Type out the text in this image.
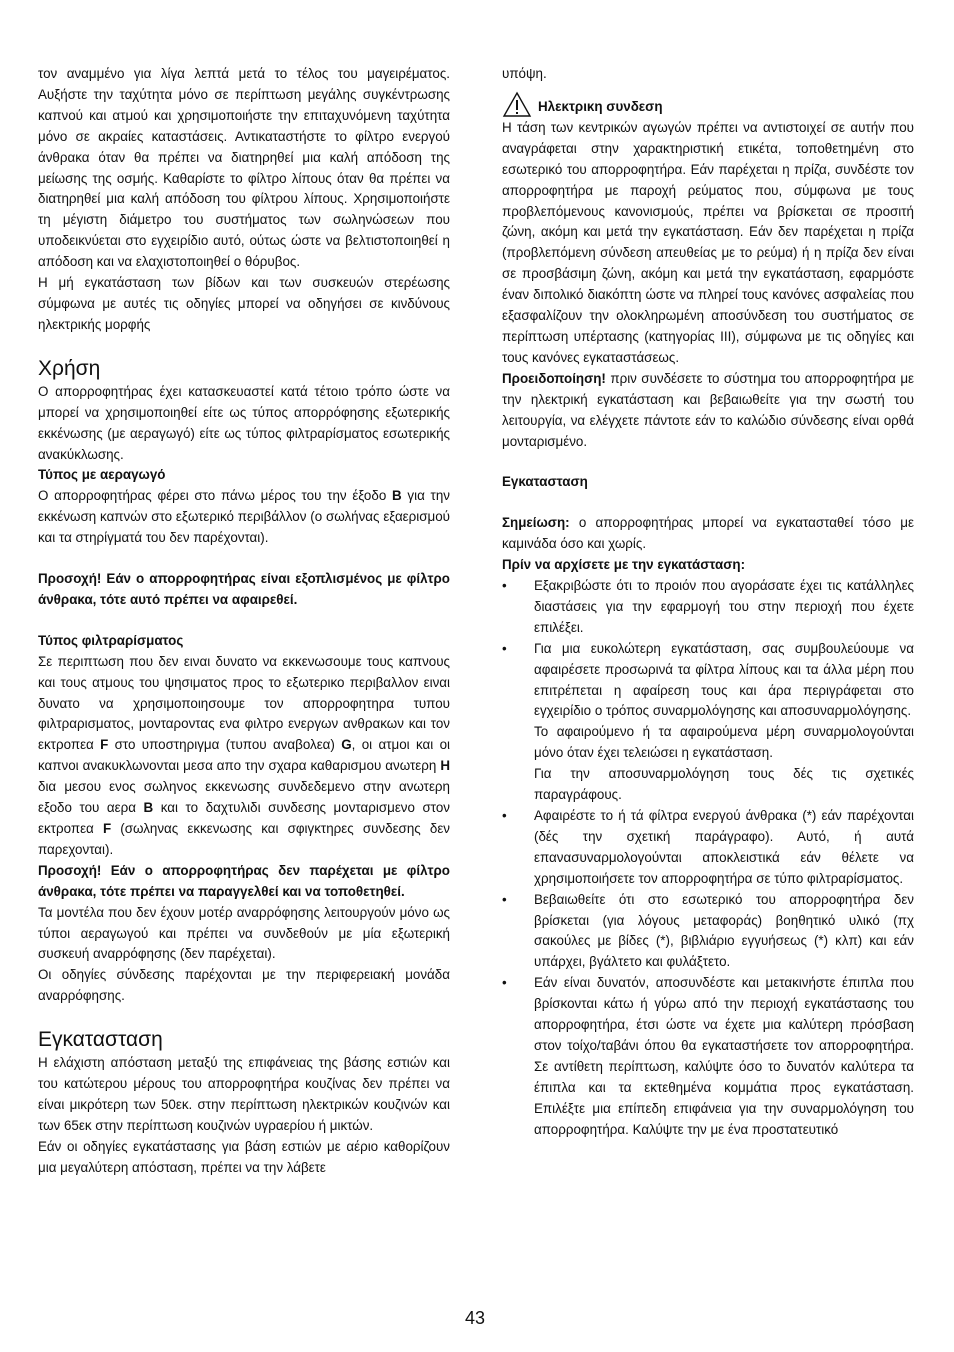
τον αναμμένο για λίγα λεπτά μετά το τέλος του μαγειρέματος. Αυξήστε την ταχύτητα μόνο σε περίπτωση μεγάλης συγκέντρωσης καπνού και ατμού και χρησιμοποιήστε την επιταχυνόμενη ταχύτητα μόνο σε ακραίες καταστάσεις. Αντικαταστήστε το φίλτρο ενεργού άνθρακα όταν θα πρέπει να διατηρηθεί μια καλή απόδοση της μείωσης της οσμής. Καθαρίστε το φίλτρο λίπους όταν θα πρέπει να διατηρηθεί μια καλή απόδοση του φίλτρου λίπους. Χρησιμοποιήστε τη μέγιστη διάμετρο του συστήματος των σωληνώσεων που υποδεικνύεται στο εγχειρίδιο αυτό, ούτως ώστε να βελτιστοποιηθεί η απόδοση και να ελαχιστοποιηθεί ο θόρυβος.

Η μή εγκατάσταση των βίδων και των συσκευών στερέωσης σύμφωνα με αυτές τις οδηγίες μπορεί να οδηγήσει σε κινδύνους ηλεκτρικής μορφής

Χρήση

Ο απορροφητήρας έχει κατασκευαστεί κατά τέτοιο τρόπο ώστε να μπορεί να χρησιμοποιηθεί είτε ως τύπος απορρόφησης εξωτερικής εκκένωσης (με αεραγωγό) είτε ως τύπος φιλτραρίσματος εσωτερικής ανακύκλωσης.

Τύπος με αεραγωγό

Ο απορροφητήρας φέρει στο πάνω μέρος του την έξοδο B για την εκκένωση καπνών στο εξωτερικό περιβάλλον (ο σωλήνας εξαερισμού και τα στηρίγματά του δεν παρέχονται).

Προσοχή! Εάν ο απορροφητήρας είναι εξοπλισμένος με φίλτρο άνθρακα, τότε αυτό πρέπει να αφαιρεθεί.

Τύπος φιλτραρίσματος

Σε περιπτωση που δεν ειναι δυνατο να εκκενωσουμε τους καπνους και τους ατμους του ψησιματος προς το εξωτερικο περιβαλλον ειναι δυνατο να χρησιμοποιησουμε τον απορροφητηρα τυπου φιλτραρισματος, μονταροντας ενα φιλτρο ενεργων ανθρακων και τον εκτροπεα F στο υποστηριγμα (τυπου αναβολεα) G, οι ατμοι και οι καπνοι ανακυκλωνονται μεσα απο την σχαρα καθαρισμου ανωτερη H δια μεσου ενος σωληνος εκκενωσης συνδεδεμενο στην ανωτερη εξοδο του αερα B και το δαχτυλιδι συνδεσης μονταρισμενο στον εκτροπεα F (σωληνας εκκενωσης και σφιγκτηρες συνδεσης δεν παρεχονται).

Προσοχή! Εάν ο απορροφητήρας δεν παρέχεται με φίλτρο άνθρακα, τότε πρέπει να παραγγελθεί και να τοποθετηθεί.

Τα μοντέλα που δεν έχουν μοτέρ αναρρόφησης λειτουργούν μόνο ως τύποι αεραγωγού και πρέπει να συνδεθούν με μία εξωτερική συσκευή αναρρόφησης (δεν παρέχεται).

Οι οδηγίες σύνδεσης παρέχονται με την περιφερειακή μονάδα αναρρόφησης.

Εγκατασταση

Η ελάχιστη απόσταση μεταξύ της επιφάνειας της βάσης εστιών και του κατώτερου μέρους του απορροφητήρα κουζίνας δεν πρέπει να είναι μικρότερη των 50εκ. στην περίπτωση ηλεκτρικών κουζινών και των 65εκ στην περίπτωση κουζινών υγραερίου ή μικτών.

Εάν οι οδηγίες εγκατάστασης για βάση εστιών με αέριο καθορίζουν μια μεγαλύτερη απόσταση, πρέπει να την λάβετε

υπόψη.

Ηλεκτρικη συνδεση

Η τάση των κεντρικών αγωγών πρέπει να αντιστοιχεί σε αυτήν που αναγράφεται στην χαρακτηριστική ετικέτα, τοποθετημένη στο εσωτερικό του απορροφητήρα. Εάν παρέχεται η πρίζα, συνδέστε τον απορροφητήρα με παροχή ρεύματος που, σύμφωνα με τους προβλεπόμενους κανονισμούς, πρέπει να βρίσκεται σε προσιτή ζώνη, ακόμη και μετά την εγκατάσταση. Εάν δεν παρέχεται η πρίζα (προβλεπόμενη σύνδεση απευθείας με το ρεύμα) ή η πρίζα δεν είναι σε προσβάσιμη ζώνη, ακόμη και μετά την εγκατάσταση, εφαρμόστε έναν διπολικό διακόπτη ώστε να πληρεί τους κανόνες ασφαλείας που εξασφαλίζουν την ολοκληρωμένη αποσύνδεση του συστήματος σε περίπτωση υπέρτασης (κατηγορίας III), σύμφωνα με τις οδηγίες και τους κανόνες εγκαταστάσεως.

Προειδοποίηση! πριν συνδέσετε το σύστημα του απορροφητήρα με την ηλεκτρική εγκατάσταση και βεβαιωθείτε για την σωστή του λειτουργία, να ελέγχετε πάντοτε εάν το καλώδιο σύνδεσης είναι ορθά μονταρισμένο.

Εγκατασταση

Σημείωση: ο απορροφητήρας μπορεί να εγκατασταθεί τόσο με καμινάδα όσο και χωρίς.

Πρίν να αρχίσετε με την εγκατάσταση:

• Εξακριβώστε ότι το προιόν που αγοράσατε έχει τις κατάλληλες διαστάσεις για την εφαρμογή του στην περιοχή που έχετε επιλέξει.
• Για μια ευκολώτερη εγκατάσταση, σας συμβουλεύουμε να αφαιρέσετε προσωρινά τα φίλτρα λίπους και τα άλλα μέρη που επιτρέπεται η αφαίρεση τους και άρα περιγράφεται στο εγχειρίδιο ο τρόπος συναρμολόγησης και αποσυναρμολόγησης.

Το αφαιρούμενο ή τα αφαιρούμενα μέρη συναρμολογούνται μόνο όταν έχει τελειώσει η εγκατάσταση.

Για την αποσυναρμολόγηση τους δές τις σχετικές παραγράφους.

• Αφαιρέστε το ή τά φίλτρα ενεργού άνθρακα (*) εάν παρέχονται (δές την σχετική παράγραφο). Αυτό, ή αυτά επανασυναρμολογούνται αποκλειστικά εάν θέλετε να χρησιμοποιήσετε τον απορροφητήρα σε τύπο φιλτραρίσματος.
• Βεβαιωθείτε ότι στο εσωτερικό του απορροφητήρα δεν βρίσκεται (για λόγους μεταφοράς) βοηθητικό υλικό (πχ σακούλες με βίδες (*), βιβλιάριο εγγυήσεως (*) κλπ) και εάν υπάρχει, βγάλτετο και φυλάξτετο.
• Εάν είναι δυνατόν, αποσυνδέστε και μετακινήστε έπιπλα που βρίσκονται κάτω ή γύρω από την περιοχή εγκατάστασης του απορροφητήρα, έτσι ώστε να έχετε μια καλύτερη πρόσβαση στον τοίχο/ταβάνι όπου θα εγκαταστήσετε τον απορροφητήρα. Σε αντίθετη περίπτωση, καλύψτε όσο το δυνατόν καλύτερα τα έπιπλα και τα εκτεθημένα κομμάτια προς εγκατάσταση. Επιλέξτε μια επίπεδη επιφάνεια για την συναρμολόγηση του απορροφητήρα. Καλύψτε την με ένα προστατευτικό
43
